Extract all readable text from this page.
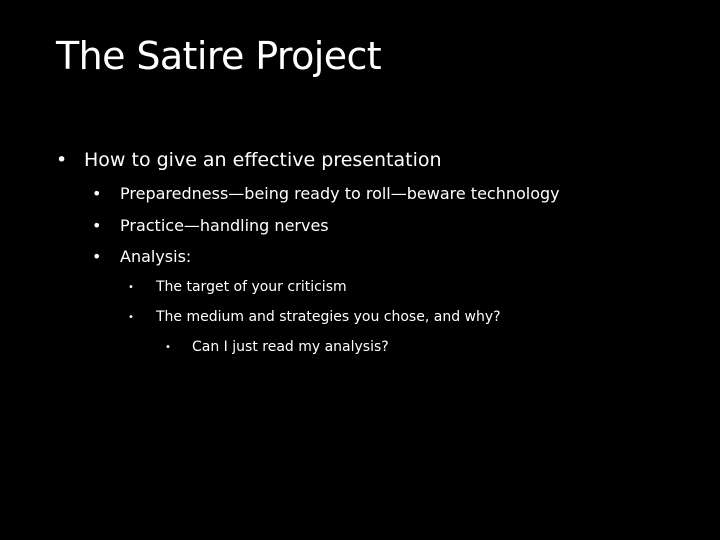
The Satire Project
• How to give an effective presentation
• Preparedness—being ready to roll—beware technology
• Practice—handling nerves
• Analysis:
• The target of your criticism
• The medium and strategies you chose, and why?
• Can I just read my analysis?
